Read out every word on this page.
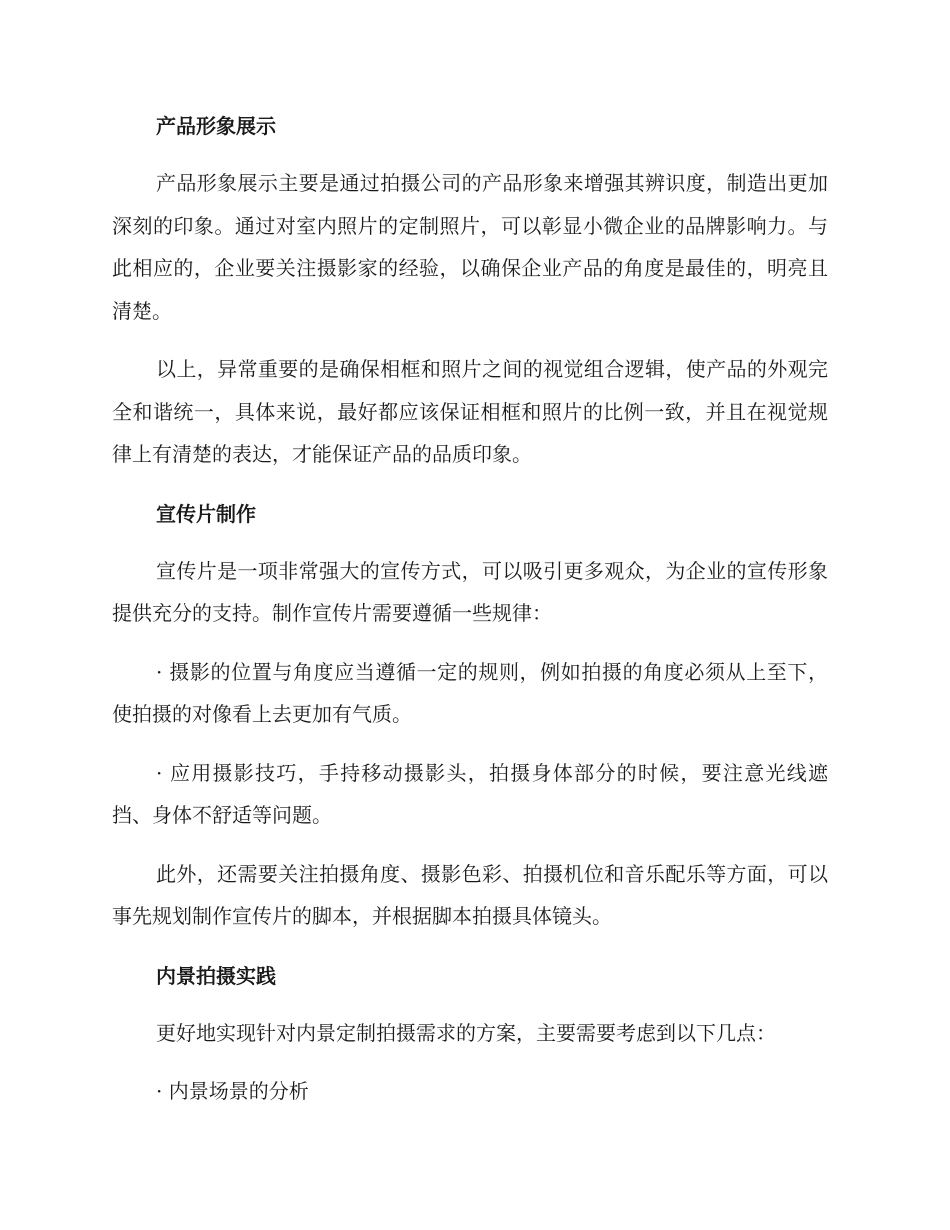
产品形象展示

产品形象展示主要是通过拍摄公司的产品形象来增强其辨识度，制造出更加深刻的印象。通过对室内照片的定制照片，可以彰显小微企业的品牌影响力。与此相应的，企业要关注摄影家的经验，以确保企业产品的角度是最佳的，明亮且清楚。

以上，异常重要的是确保相框和照片之间的视觉组合逻辑，使产品的外观完全和谐统一，具体来说，最好都应该保证相框和照片的比例一致，并且在视觉规律上有清楚的表达，才能保证产品的品质印象。

宣传片制作

宣传片是一项非常强大的宣传方式，可以吸引更多观众，为企业的宣传形象提供充分的支持。制作宣传片需要遵循一些规律：

· 摄影的位置与角度应当遵循一定的规则，例如拍摄的角度必须从上至下，使拍摄的对像看上去更加有气质。

· 应用摄影技巧，手持移动摄影头，拍摄身体部分的时候，要注意光线遮挡、身体不舒适等问题。

此外，还需要关注拍摄角度、摄影色彩、拍摄机位和音乐配乐等方面，可以事先规划制作宣传片的脚本，并根据脚本拍摄具体镜头。

内景拍摄实践

更好地实现针对内景定制拍摄需求的方案，主要需要考虑到以下几点：

· 内景场景的分析
